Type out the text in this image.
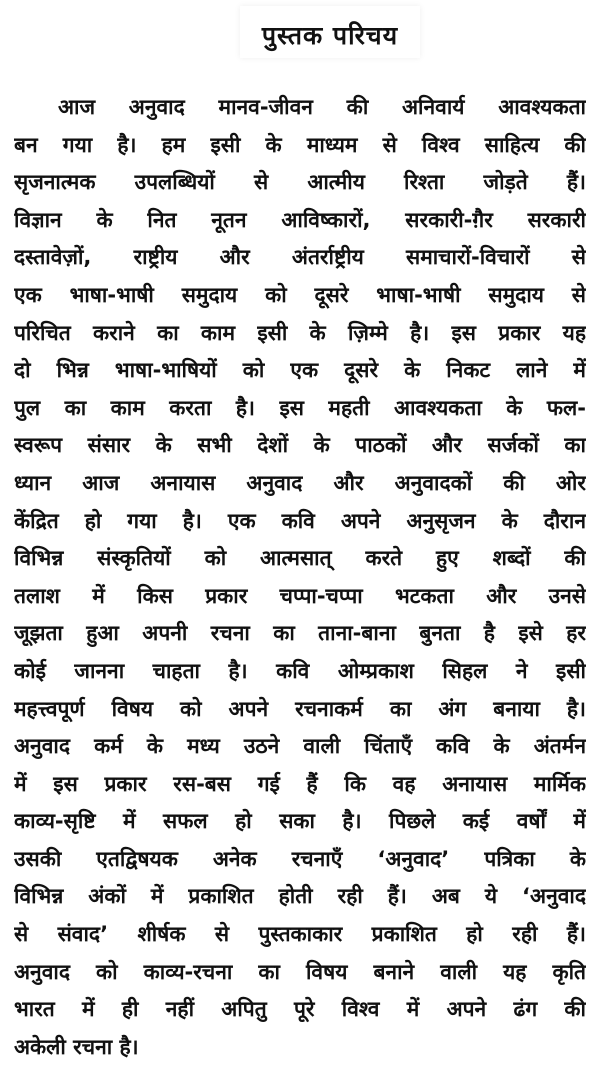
पुस्तक परिचय
आज अनुवाद मानव-जीवन की अनिवार्य आवश्यकता
बन गया है। हम इसी के माध्यम से विश्व साहित्य की
सृजनात्मक उपलब्धियों से आत्मीय रिश्ता जोड़ते हैं।
विज्ञान के नित नूतन आविष्कारों, सरकारी-ग़ैर सरकारी
दस्तावेज़ों, राष्ट्रीय और अंतर्राष्ट्रीय समाचारों-विचारों से
एक भाषा-भाषी समुदाय को दूसरे भाषा-भाषी समुदाय से
परिचित कराने का काम इसी के ज़िम्मे है। इस प्रकार यह
दो भिन्न भाषा-भाषियों को एक दूसरे के निकट लाने में
पुल का काम करता है। इस महती आवश्यकता के फल-
स्वरूप संसार के सभी देशों के पाठकों और सर्जकों का
ध्यान आज अनायास अनुवाद और अनुवादकों की ओर
केंद्रित हो गया है। एक कवि अपने अनुसृजन के दौरान
विभिन्न संस्कृतियों को आत्मसात् करते हुए शब्दों की
तलाश में किस प्रकार चप्पा-चप्पा भटकता और उनसे
जूझता हुआ अपनी रचना का ताना-बाना बुनता है इसे हर
कोई जानना चाहता है। कवि ओम्प्रकाश सिहल ने इसी
महत्त्वपूर्ण विषय को अपने रचनाकर्म का अंग बनाया है।
अनुवाद कर्म के मध्य उठने वाली चिंताएँ कवि के अंतर्मन
में इस प्रकार रस-बस गई हैं कि वह अनायास मार्मिक
काव्य-सृष्टि में सफल हो सका है। पिछले कई वर्षों में
उसकी एतद्विषयक अनेक रचनाएँ ‘अनुवाद’ पत्रिका के
विभिन्न अंकों में प्रकाशित होती रही हैं। अब ये ‘अनुवाद
से संवाद’ शीर्षक से पुस्तकाकार प्रकाशित हो रही हैं।
अनुवाद को काव्य-रचना का विषय बनाने वाली यह कृति
भारत में ही नहीं अपितु पूरे विश्व में अपने ढंग की
अकेली रचना है।
